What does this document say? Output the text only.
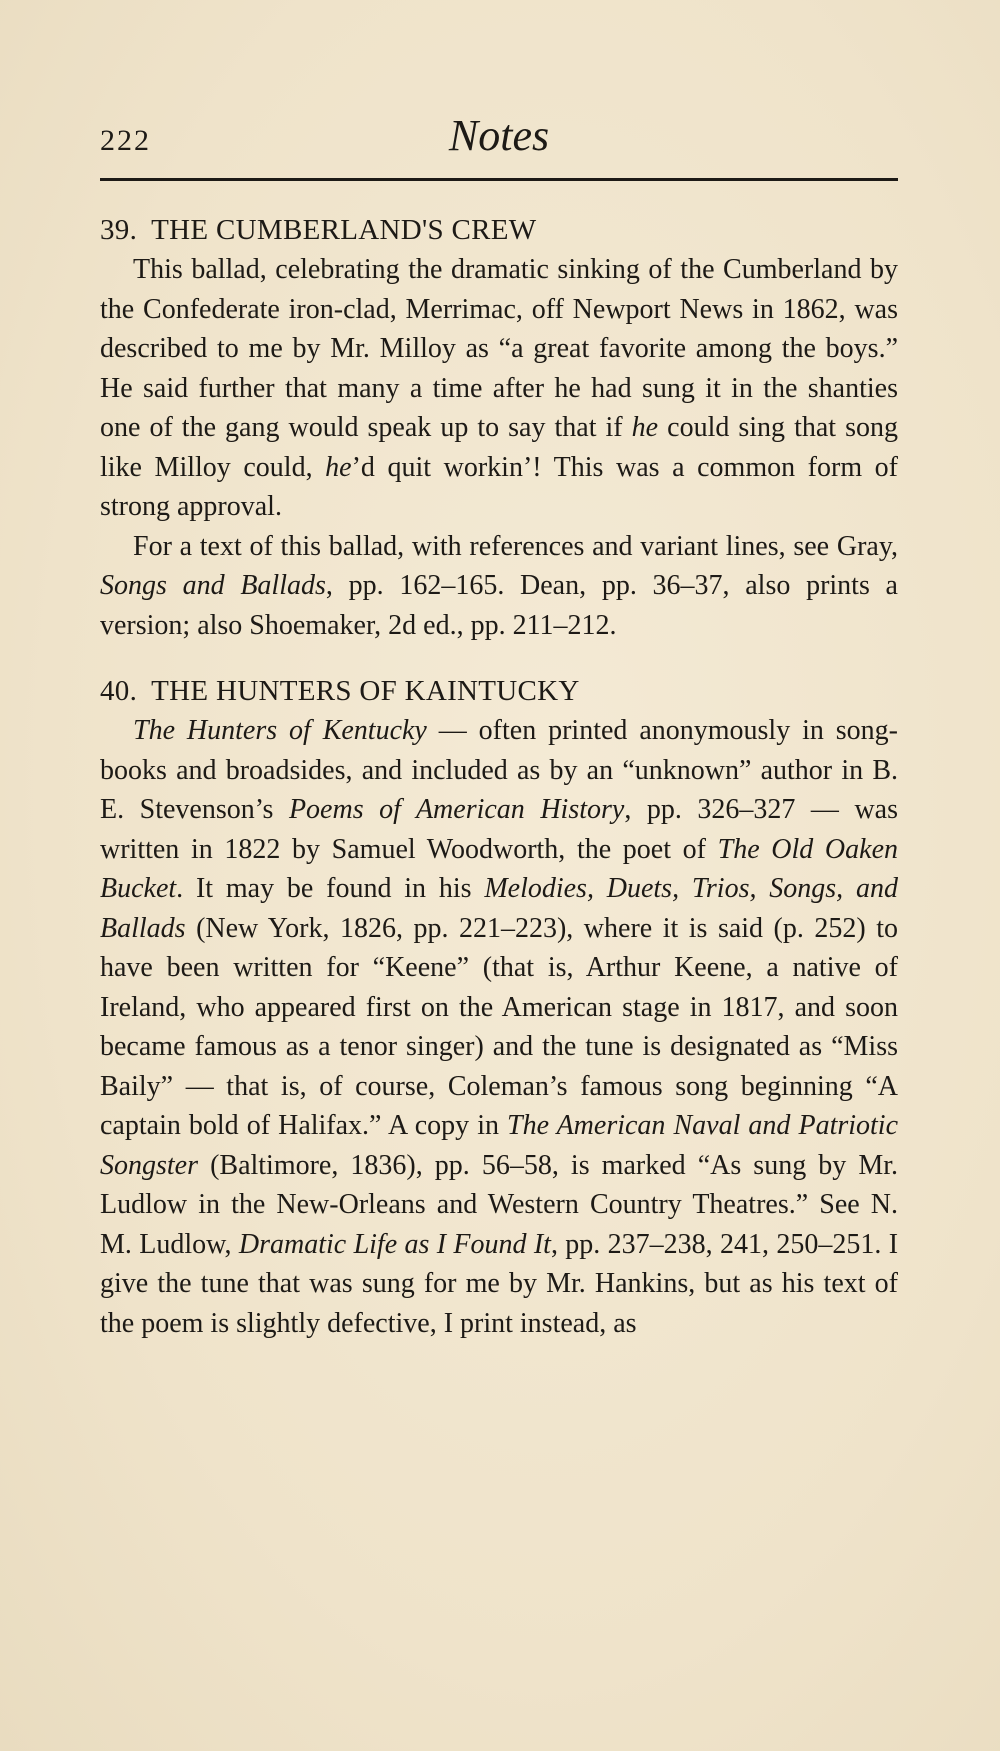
222	Notes
39. THE CUMBERLAND'S CREW

This ballad, celebrating the dramatic sinking of the Cumberland by the Confederate iron-clad, Merrimac, off Newport News in 1862, was described to me by Mr. Milloy as “a great favorite among the boys.” He said further that many a time after he had sung it in the shanties one of the gang would speak up to say that if he could sing that song like Milloy could, he’d quit workin’! This was a common form of strong approval.

For a text of this ballad, with references and variant lines, see Gray, Songs and Ballads, pp. 162–165. Dean, pp. 36–37, also prints a version; also Shoemaker, 2d ed., pp. 211–212.

40. THE HUNTERS OF KAINTUCKY

The Hunters of Kentucky — often printed anonymously in song-books and broadsides, and included as by an “unknown” author in B. E. Stevenson’s Poems of American History, pp. 326–327 — was written in 1822 by Samuel Woodworth, the poet of The Old Oaken Bucket. It may be found in his Melodies, Duets, Trios, Songs, and Ballads (New York, 1826, pp. 221–223), where it is said (p. 252) to have been written for “Keene” (that is, Arthur Keene, a native of Ireland, who appeared first on the American stage in 1817, and soon became famous as a tenor singer) and the tune is designated as “Miss Baily” — that is, of course, Coleman’s famous song beginning “A captain bold of Halifax.” A copy in The American Naval and Patriotic Songster (Baltimore, 1836), pp. 56–58, is marked “As sung by Mr. Ludlow in the New-Orleans and Western Country Theatres.” See N. M. Ludlow, Dramatic Life as I Found It, pp. 237–238, 241, 250–251. I give the tune that was sung for me by Mr. Hankins, but as his text of the poem is slightly defective, I print instead, as
